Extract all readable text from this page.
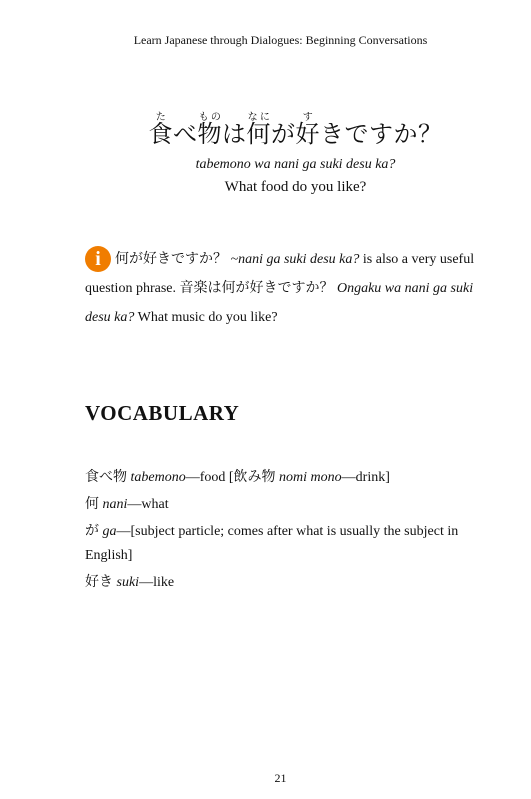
Learn Japanese through Dialogues: Beginning Conversations
食たべ物ものは何なにが好すきですか？
tabemono wa nani ga suki desu ka?
What food do you like?
i 何が好きですか？ ~nani ga suki desu ka? is also a very useful question phrase. 音楽は何が好きですか？ Ongaku wa nani ga suki desu ka? What music do you like?
VOCABULARY
食べ物 tabemono—food [飲み物 nomi mono—drink]
何 nani—what
が ga—[subject particle; comes after what is usually the subject in English]
好き suki—like
21
